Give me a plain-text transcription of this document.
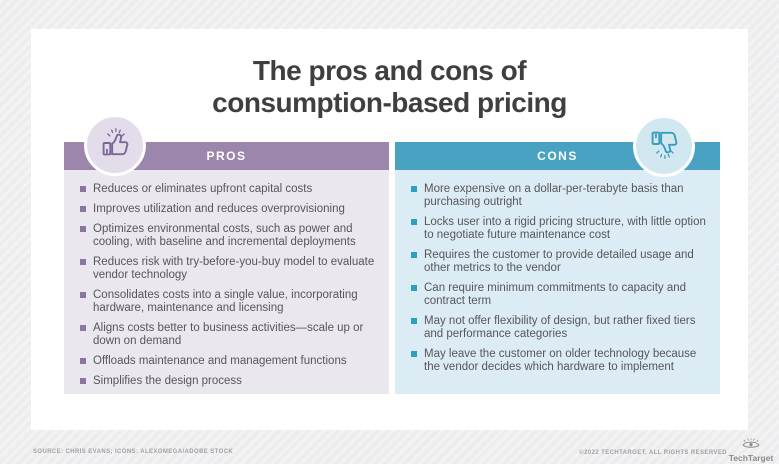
The pros and cons of
consumption-based pricing
PROS
Reduces or eliminates upfront capital costs
Improves utilization and reduces overprovisioning
Optimizes environmental costs, such as power and cooling, with baseline and incremental deployments
Reduces risk with try-before-you-buy model to evaluate vendor technology
Consolidates costs into a single value, incorporating hardware, maintenance and licensing
Aligns costs better to business activities—scale up or down on demand
Offloads maintenance and management functions
Simplifies the design process
CONS
More expensive on a dollar-per-terabyte basis than purchasing outright
Locks user into a rigid pricing structure, with little option to negotiate future maintenance cost
Requires the customer to provide detailed usage and other metrics to the vendor
Can require minimum commitments to capacity and contract term
May not offer flexibility of design, but rather fixed tiers and performance categories
May leave the customer on older technology because the vendor decides which hardware to implement
SOURCE: CHRIS EVANS; ICONS: ALEXOMEGA/ADOBE STOCK	©2022 TECHTARGET, ALL RIGHTS RESERVED TechTarget
